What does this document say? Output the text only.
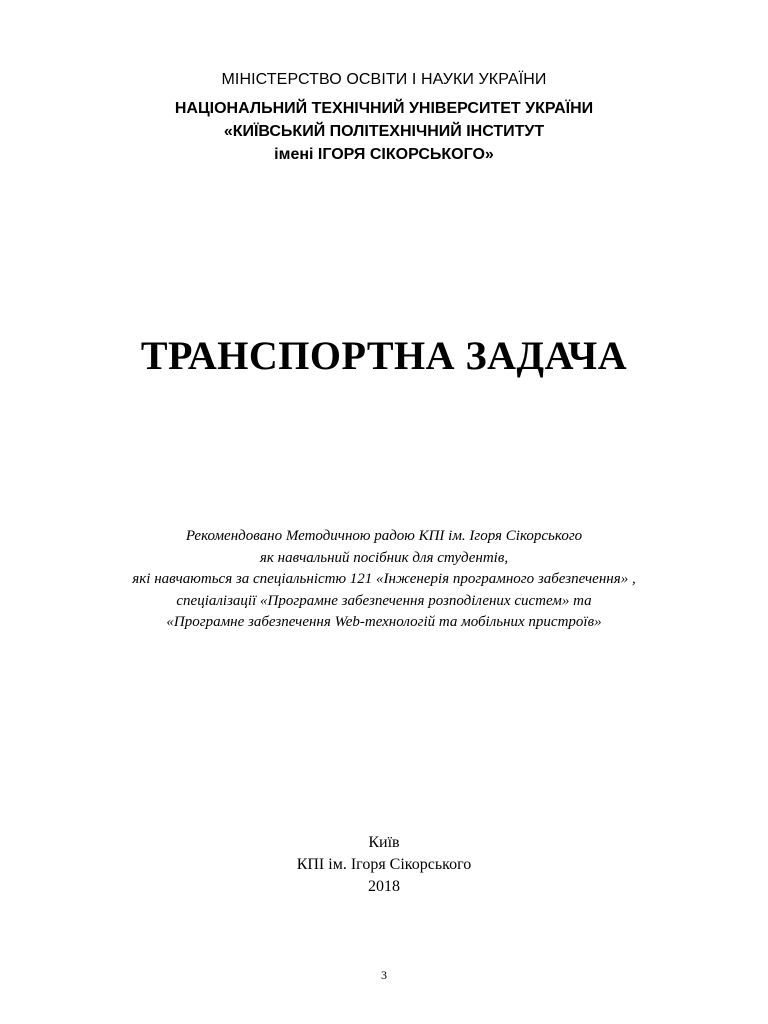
МІНІСТЕРСТВО ОСВІТИ І НАУКИ УКРАЇНИ
НАЦІОНАЛЬНИЙ ТЕХНІЧНИЙ УНІВЕРСИТЕТ УКРАЇНИ
«КИЇВСЬКИЙ ПОЛІТЕХНІЧНИЙ ІНСТИТУТ
імені ІГОРЯ СІКОРСЬКОГО»
ТРАНСПОРТНА ЗАДАЧА
Рекомендовано Методичною радою КПІ ім. Ігоря Сікорського
як навчальний посібник для студентів,
які навчаються за спеціальністю 121 «Інженерія програмного забезпечення» ,
спеціалізації «Програмне забезпечення розподілених систем» та
«Програмне забезпечення Web-технологій та мобільних пристроїв»
Київ
КПІ ім. Ігоря Сікорського
2018
3
